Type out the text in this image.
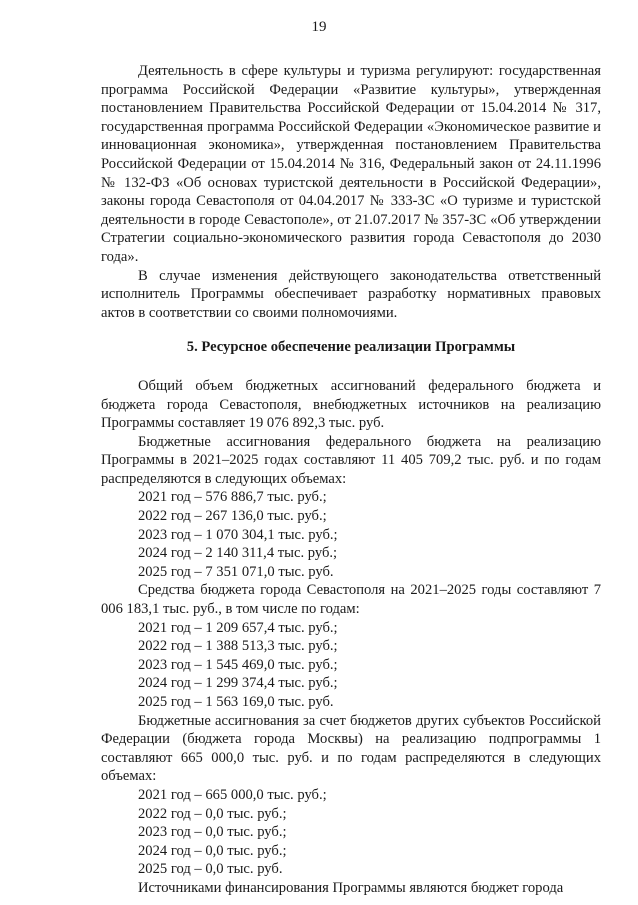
19

Деятельность в сфере культуры и туризма регулируют: государственная программа Российской Федерации «Развитие культуры», утвержденная постановлением Правительства Российской Федерации от 15.04.2014 № 317, государственная программа Российской Федерации «Экономическое развитие и инновационная экономика», утвержденная постановлением Правительства Российской Федерации от 15.04.2014 № 316, Федеральный закон от 24.11.1996 № 132-ФЗ «Об основах туристской деятельности в Российской Федерации», законы города Севастополя от 04.04.2017 № 333-ЗС «О туризме и туристской деятельности в городе Севастополе», от 21.07.2017 № 357-ЗС «Об утверждении Стратегии социально-экономического развития города Севастополя до 2030 года».

В случае изменения действующего законодательства ответственный исполнитель Программы обеспечивает разработку нормативных правовых актов в соответствии со своими полномочиями.

5. Ресурсное обеспечение реализации Программы

Общий объем бюджетных ассигнований федерального бюджета и бюджета города Севастополя, внебюджетных источников на реализацию Программы составляет 19 076 892,3 тыс. руб.

Бюджетные ассигнования федерального бюджета на реализацию Программы в 2021–2025 годах составляют 11 405 709,2 тыс. руб. и по годам распределяются в следующих объемах:

2021 год – 576 886,7 тыс. руб.;

2022 год – 267 136,0 тыс. руб.;

2023 год – 1 070 304,1 тыс. руб.;

2024 год – 2 140 311,4 тыс. руб.;

2025 год – 7 351 071,0 тыс. руб.

Средства бюджета города Севастополя на 2021–2025 годы составляют 7 006 183,1 тыс. руб., в том числе по годам:

2021 год – 1 209 657,4 тыс. руб.;

2022 год – 1 388 513,3 тыс. руб.;

2023 год – 1 545 469,0 тыс. руб.;

2024 год – 1 299 374,4 тыс. руб.;

2025 год – 1 563 169,0 тыс. руб.

Бюджетные ассигнования за счет бюджетов других субъектов Российской Федерации (бюджета города Москвы) на реализацию подпрограммы 1 составляют 665 000,0 тыс. руб. и по годам распределяются в следующих объемах:

2021 год – 665 000,0 тыс. руб.;

2022 год – 0,0 тыс. руб.;

2023 год – 0,0 тыс. руб.;

2024 год – 0,0 тыс. руб.;

2025 год – 0,0 тыс. руб.

Источниками финансирования Программы являются бюджет города
